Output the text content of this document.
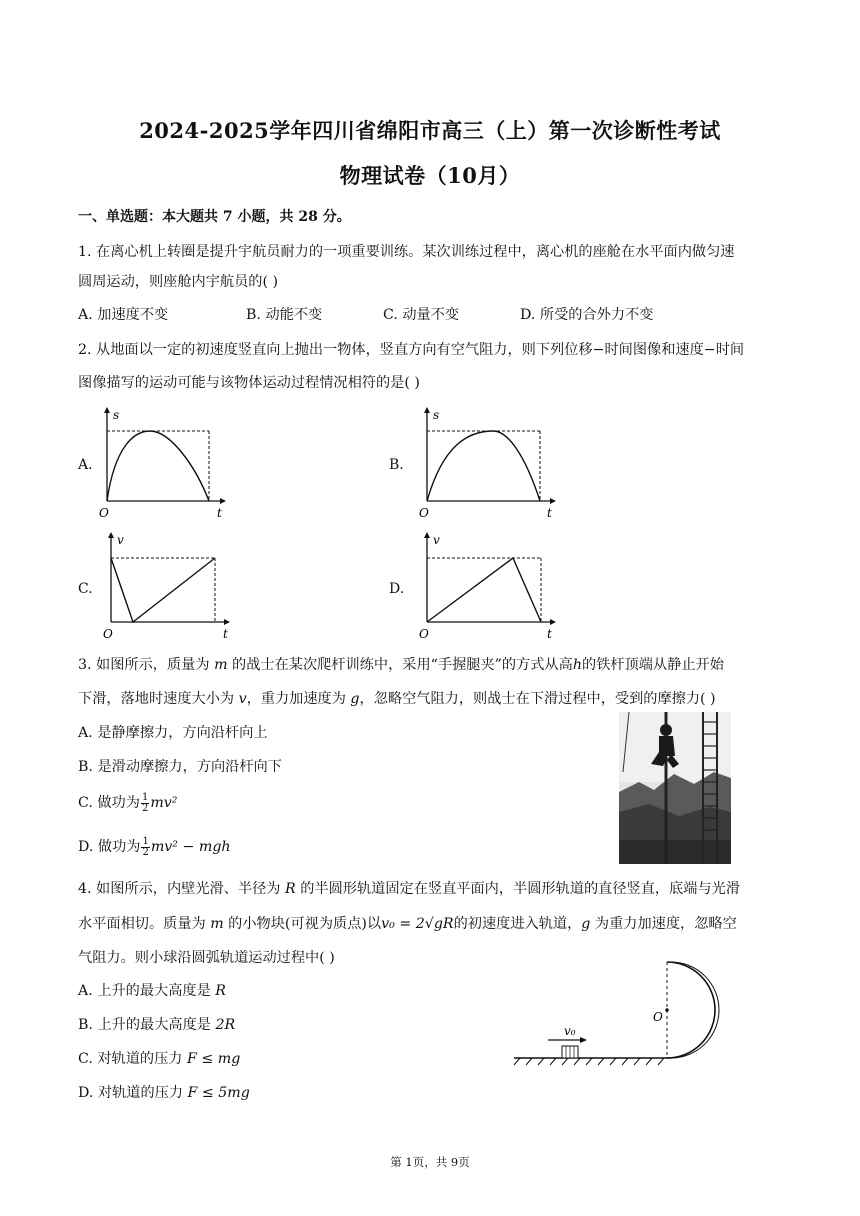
2024-2025学年四川省绵阳市高三（上）第一次诊断性考试
物理试卷（10月）
一、单选题：本大题共 7 小题，共 28 分。
1. 在离心机上转圈是提升宇航员耐力的一项重要训练。某次训练过程中，离心机的座舱在水平面内做匀速
圆周运动，则座舱内宇航员的( )
A. 加速度不变	B. 动能不变	C. 动量不变	D. 所受的合外力不变
2. 从地面以一定的初速度竖直向上抛出一物体，竖直方向有空气阻力，则下列位移−时间图像和速度−时间
图像描写的运动可能与该物体运动过程情况相符的是( )
A.
s
t
O
B.
s
t
O
C.
v
t
O
D.
v
t
O
3. 如图所示，质量为 m 的战士在某次爬杆训练中，采用“手握腿夹”的方式从高h的铁杆顶端从静止开始
下滑，落地时速度大小为 v，重力加速度为 g，忽略空气阻力，则战士在下滑过程中，受到的摩擦力( )
A. 是静摩擦力，方向沿杆向上
B. 是滑动摩擦力，方向沿杆向下
C. 做功为 $\frac{1}{2} mv^2$
D. 做功为 $\frac{1}{2} mv^2$ − mgh
4. 如图所示，内壁光滑、半径为 R 的半圆形轨道固定在竖直平面内，半圆形轨道的直径竖直，底端与光滑
水平面相切。质量为 m 的小物块(可视为质点)以v₀ = 2√gR的初速度进入轨道，g 为重力加速度，忽略空
气阻力。则小球沿圆弧轨道运动过程中( )
A. 上升的最大高度是 R
B. 上升的最大高度是 2R
C. 对轨道的压力 F ≤ mg
D. 对轨道的压力 F ≤ 5mg
v₀
O
第 1页，共 9页
